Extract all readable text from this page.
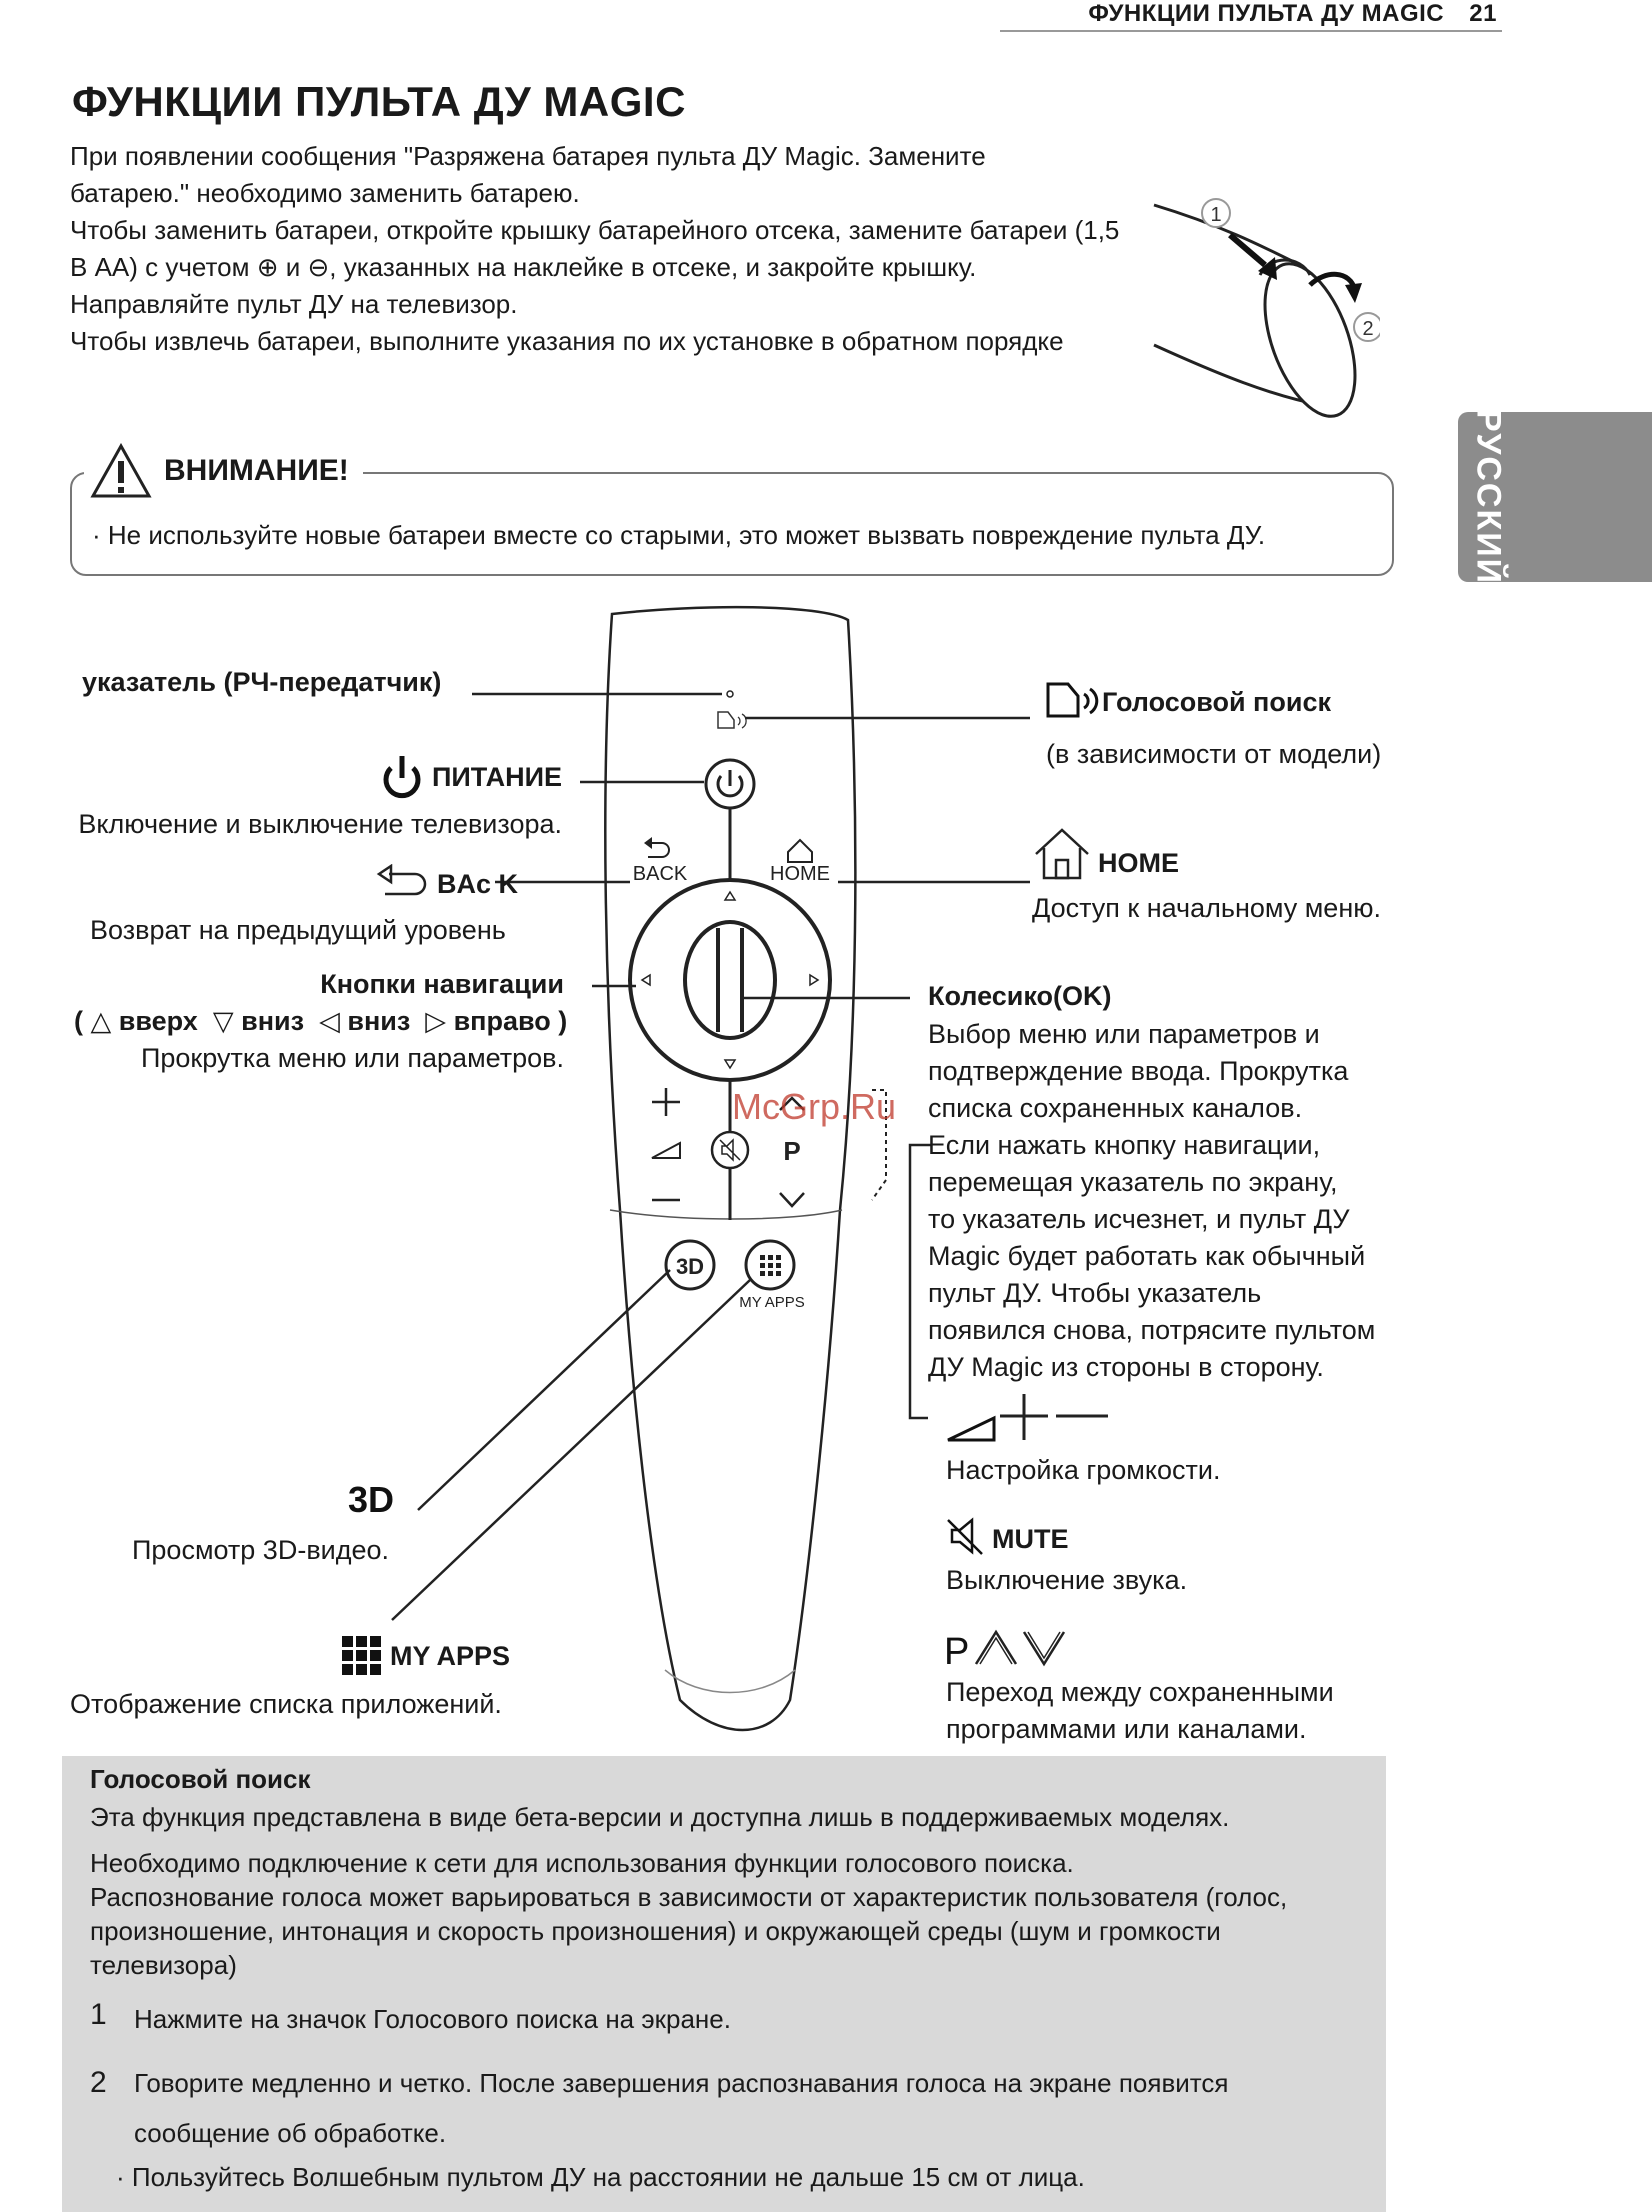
ФУНКЦИИ ПУЛЬТА ДУ MAGIC 21
ФУНКЦИИ ПУЛЬТА ДУ MAGIC

При появлении сообщения "Разряжена батарея пульта ДУ Magic. Замените батарею." необходимо заменить батарею.

Чтобы заменить батареи, откройте крышку батарейного отсека, замените батареи (1,5 В АА) с учетом ⊕ и ⊖, указанных на наклейке в отсеке, и закройте крышку. Направляйте пульт ДУ на телевизор.

Чтобы извлечь батареи, выполните указания по их установке в обратном порядке

1
2
РУССКИЙ
ВНИМАНИЕ!
· Не используйте новые батареи вместе со старыми, это может вызвать повреждение пульта ДУ.
BACK	HOME
P
3D
MY APPS
McGrp.Ru
указатель (РЧ-передатчик)
ПИТАНИЕ
Включение и выключение телевизора.
BAc K
Возврат на предыдущий уровень
Кнопки навигации
( △ вверх ▽ вниз ◁ вниз ▷ вправо )
Прокрутка меню или параметров.
3D
Просмотр 3D-видео.
MY APPS
Отображение списка приложений.
Голосовой поиск
(в зависимости от модели)
HOME
Доступ к начальному меню.
Колесико(OK)
Выбор меню или параметров и
подтверждение ввода. Прокрутка
списка сохраненных каналов.
Если нажать кнопку навигации,
перемещая указатель по экрану,
то указатель исчезнет, и пульт ДУ
Magic будет работать как обычный
пульт ДУ. Чтобы указатель
появился снова, потрясите пультом
ДУ Magic из стороны в сторону.
Настройка громкости.
MUTE
Выключение звука.
P
Переход между сохраненными
программами или каналами.

Голосовой поиск

Эта функция представлена в виде бета-версии и доступна лишь в поддерживаемых моделях.

Необходимо подключение к сети для использования функции голосового поиска.

Распознование голоса может варьироваться в зависимости от характеристик пользователя (голос, произношение, интонация и скорость произношения) и окружающей среды (шум и громкости телевизора)

1 Нажмите на значок Голосового поиска на экране.
2 Говорите медленно и четко. После завершения распознавания голоса на экране появится сообщение об обработке.
· Пользуйтесь Волшебным пультом ДУ на расстоянии не дальше 15 см от лица.
